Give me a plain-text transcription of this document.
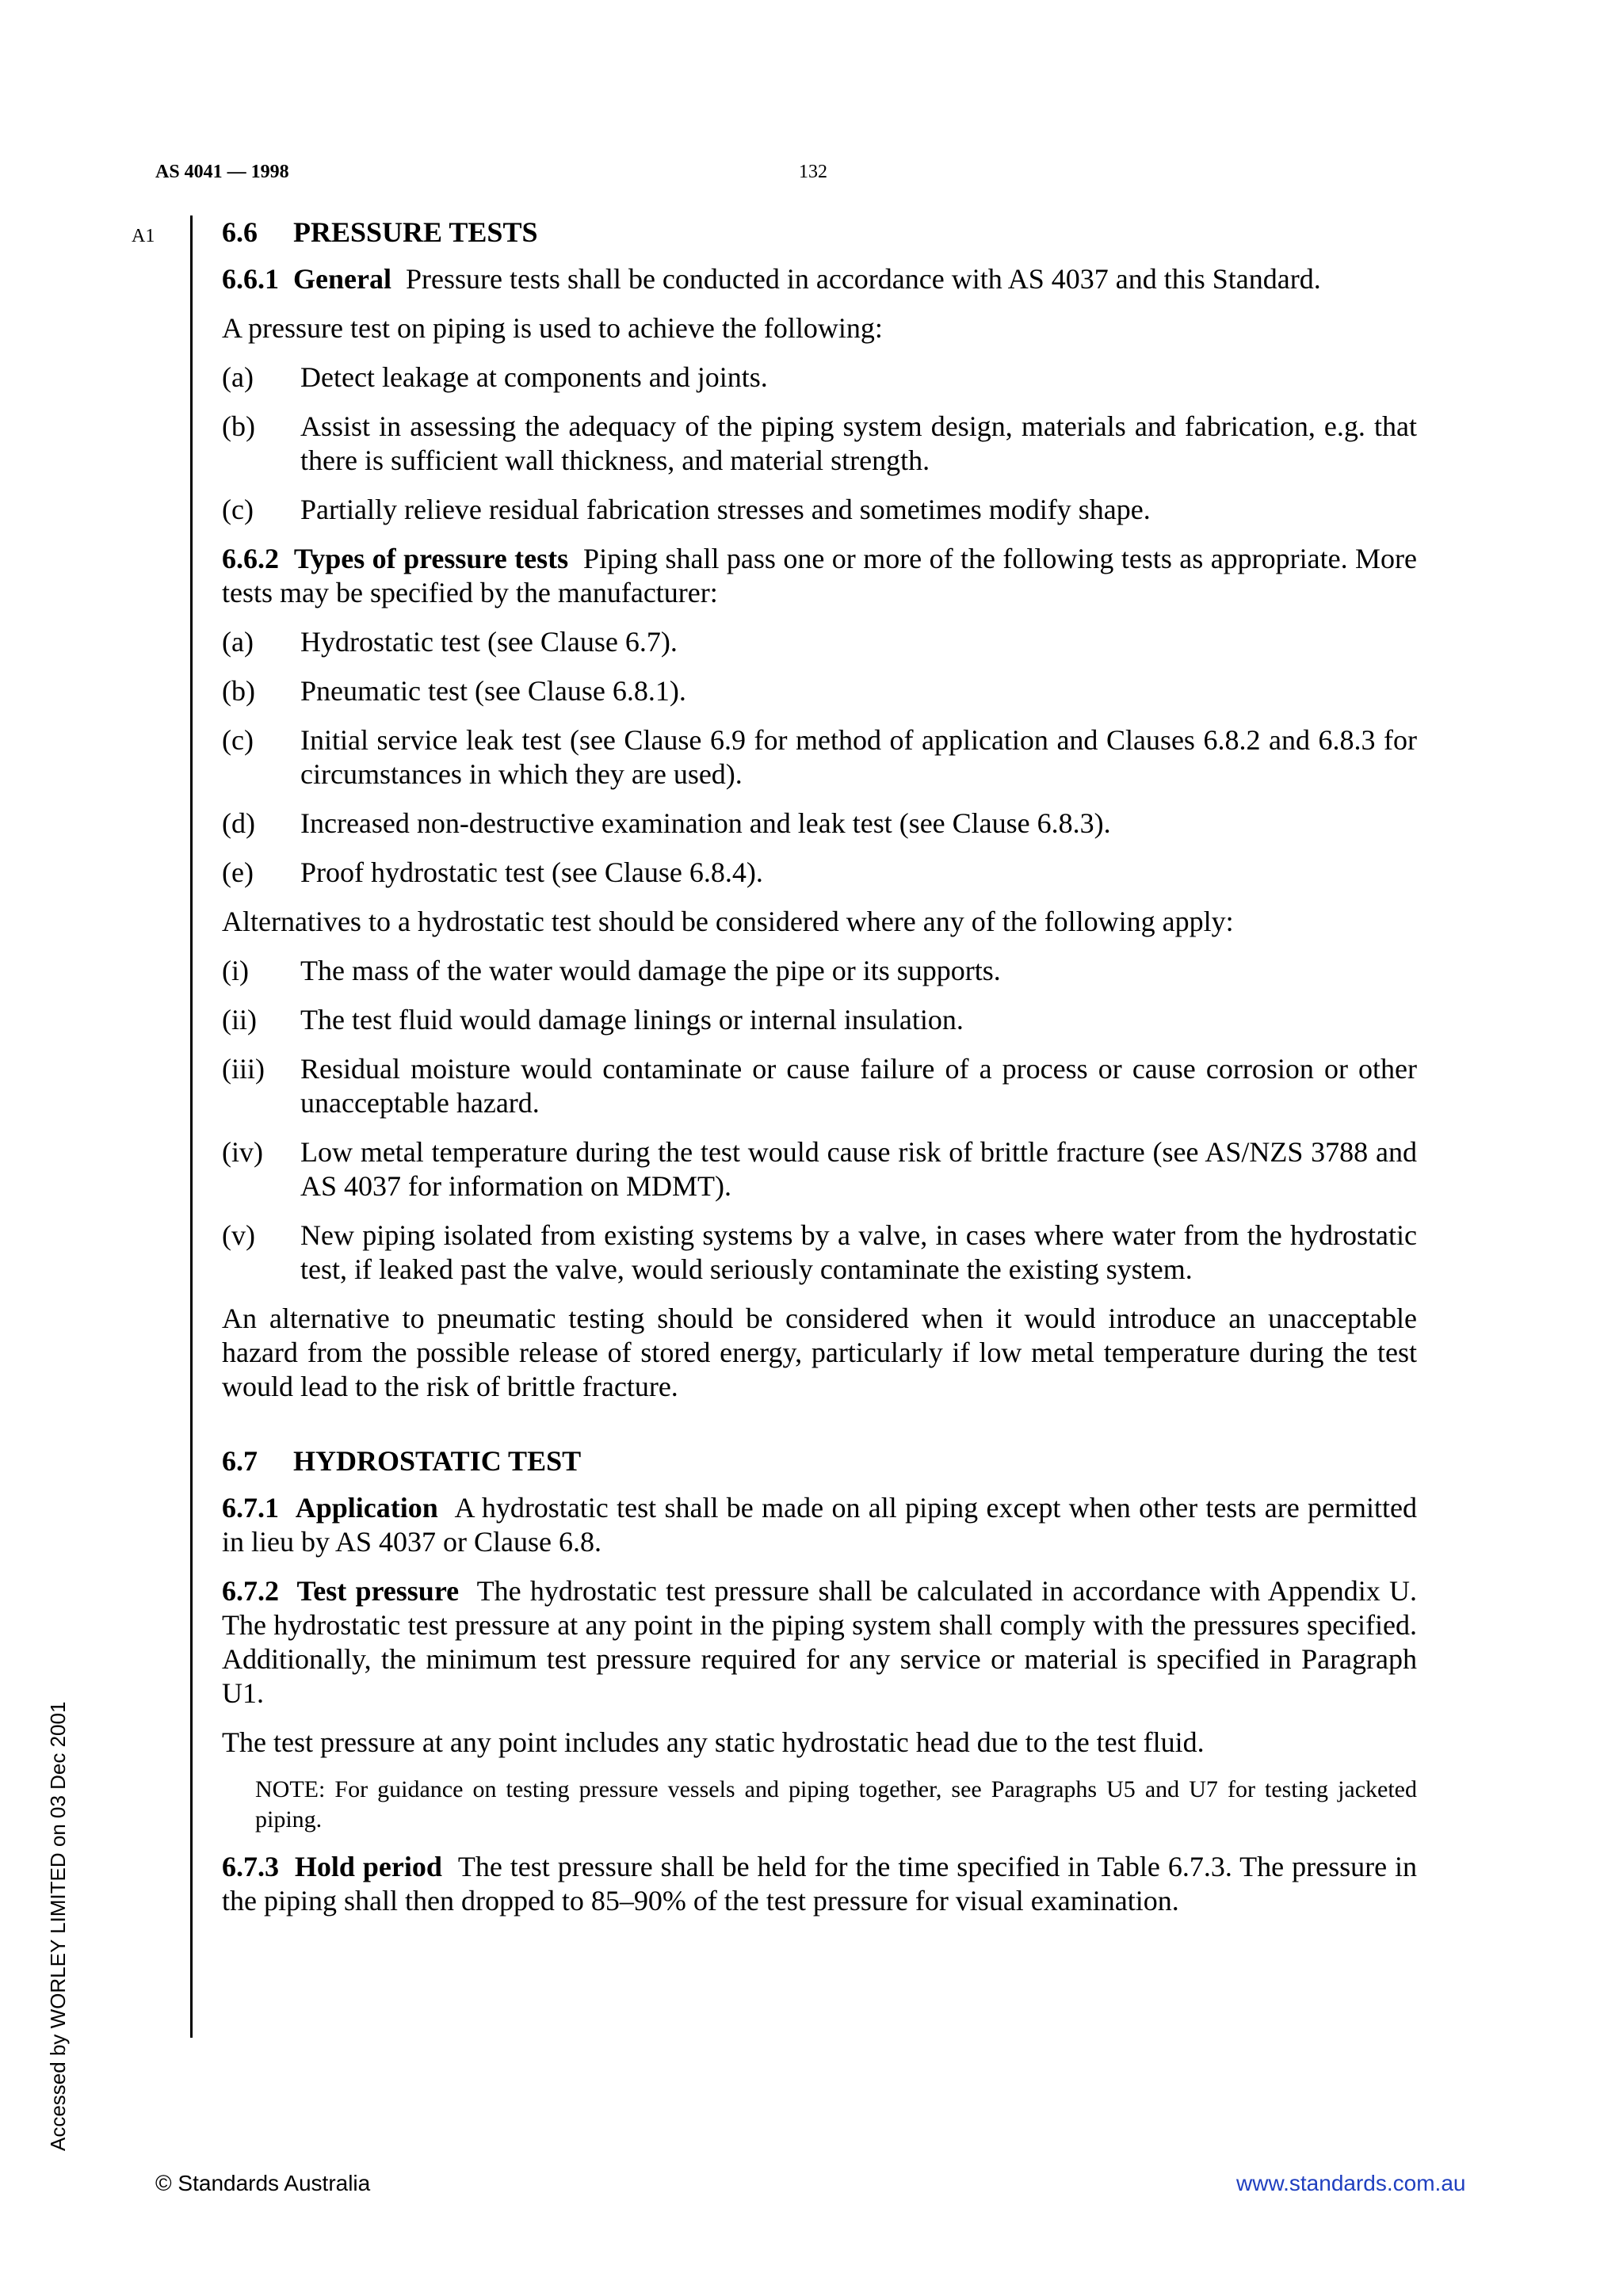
AS 4041 — 1998	132
A1
Accessed by WORLEY LIMITED on 03 Dec 2001
6.6 PRESSURE TESTS

6.6.1 General Pressure tests shall be conducted in accordance with AS 4037 and this Standard.

A pressure test on piping is used to achieve the following:

(a)	Detect leakage at components and joints.
(b)	Assist in assessing the adequacy of the piping system design, materials and fabrication, e.g. that there is sufficient wall thickness, and material strength.
(c)	Partially relieve residual fabrication stresses and sometimes modify shape.

6.6.2 Types of pressure tests Piping shall pass one or more of the following tests as appropriate. More tests may be specified by the manufacturer:

(a)	Hydrostatic test (see Clause 6.7).
(b)	Pneumatic test (see Clause 6.8.1).
(c)	Initial service leak test (see Clause 6.9 for method of application and Clauses 6.8.2 and 6.8.3 for circumstances in which they are used).
(d)	Increased non-destructive examination and leak test (see Clause 6.8.3).
(e)	Proof hydrostatic test (see Clause 6.8.4).

Alternatives to a hydrostatic test should be considered where any of the following apply:

(i)	The mass of the water would damage the pipe or its supports.
(ii)	The test fluid would damage linings or internal insulation.
(iii)	Residual moisture would contaminate or cause failure of a process or cause corrosion or other unacceptable hazard.
(iv)	Low metal temperature during the test would cause risk of brittle fracture (see AS/NZS 3788 and AS 4037 for information on MDMT).
(v)	New piping isolated from existing systems by a valve, in cases where water from the hydrostatic test, if leaked past the valve, would seriously contaminate the existing system.

An alternative to pneumatic testing should be considered when it would introduce an unacceptable hazard from the possible release of stored energy, particularly if low metal temperature during the test would lead to the risk of brittle fracture.

6.7 HYDROSTATIC TEST

6.7.1 Application A hydrostatic test shall be made on all piping except when other tests are permitted in lieu by AS 4037 or Clause 6.8.

6.7.2 Test pressure The hydrostatic test pressure shall be calculated in accordance with Appendix U. The hydrostatic test pressure at any point in the piping system shall comply with the pressures specified. Additionally, the minimum test pressure required for any service or material is specified in Paragraph U1.

The test pressure at any point includes any static hydrostatic head due to the test fluid.

NOTE: For guidance on testing pressure vessels and piping together, see Paragraphs U5 and U7 for testing jacketed piping.

6.7.3 Hold period The test pressure shall be held for the time specified in Table 6.7.3. The pressure in the piping shall then dropped to 85–90% of the test pressure for visual examination.

© Standards Australia	www.standards.com.au
